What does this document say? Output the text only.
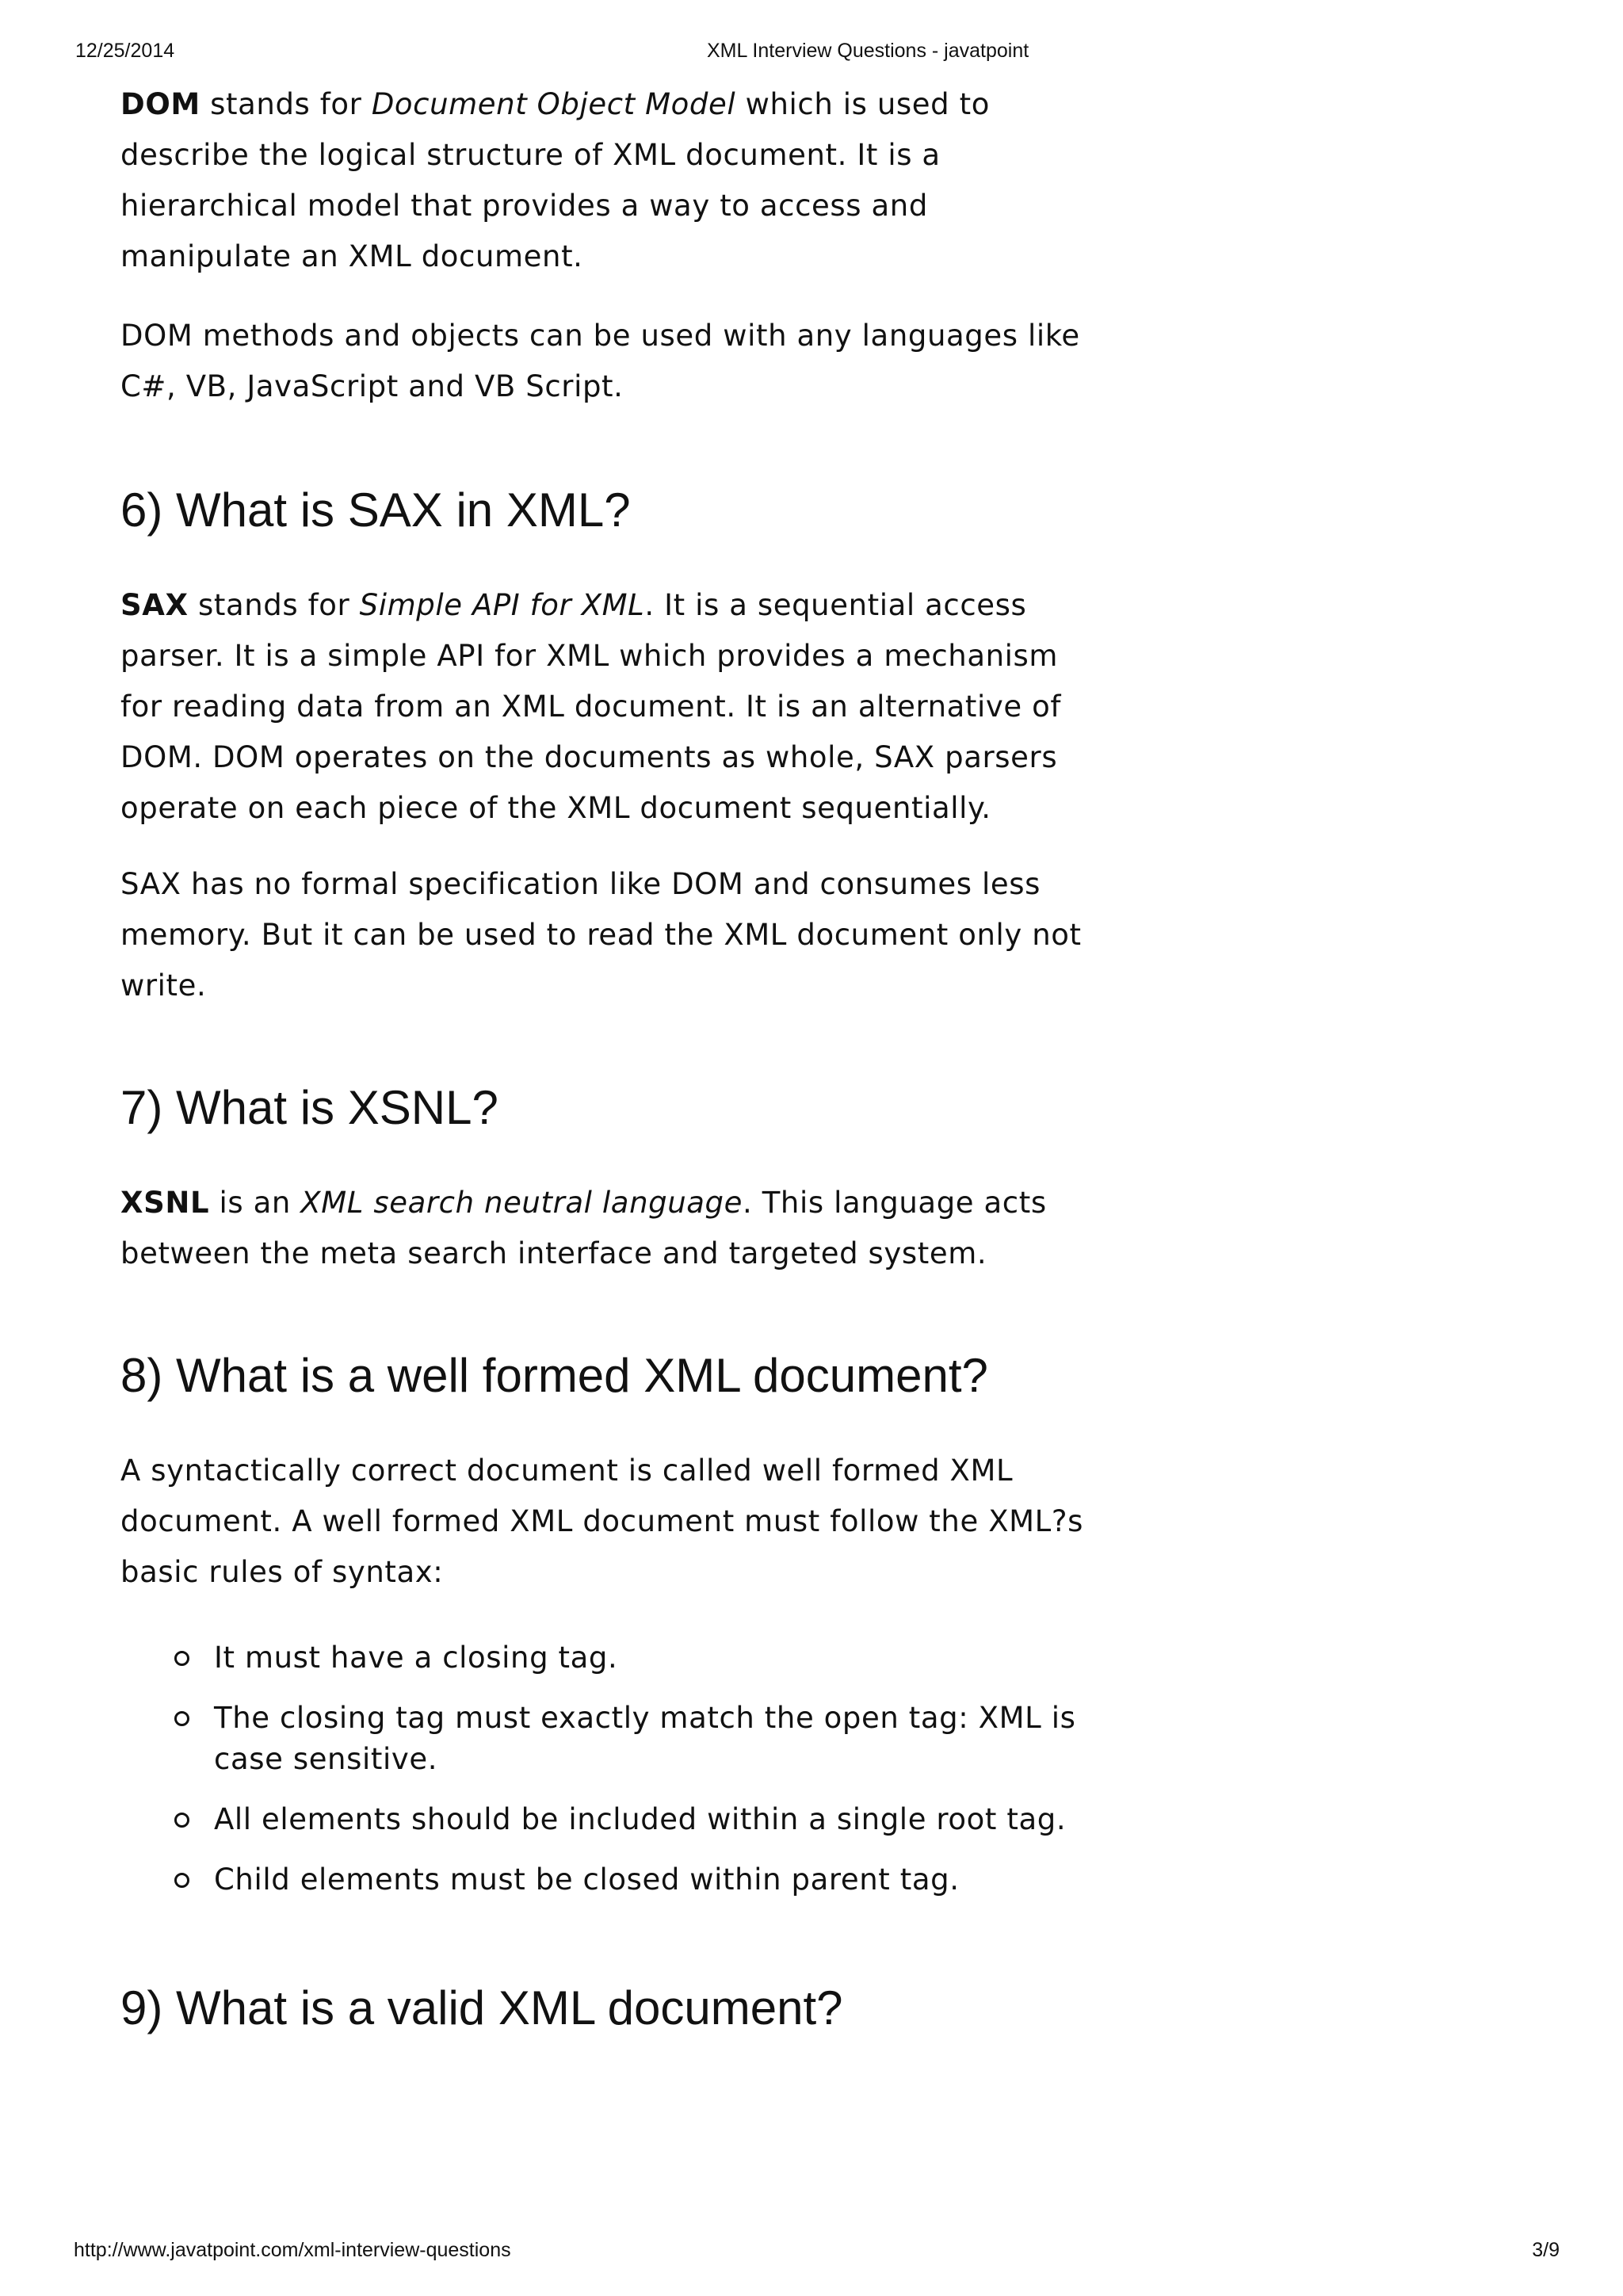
12/25/2014	XML Interview Questions - javatpoint

DOM stands for Document Object Model which is used to describe the logical structure of XML document. It is a hierarchical model that provides a way to access and manipulate an XML document.

DOM methods and objects can be used with any languages like C#, VB, JavaScript and VB Script.

6) What is SAX in XML?

SAX stands for Simple API for XML. It is a sequential access parser. It is a simple API for XML which provides a mechanism for reading data from an XML document. It is an alternative of DOM. DOM operates on the documents as whole, SAX parsers operate on each piece of the XML document sequentially.

SAX has no formal specification like DOM and consumes less memory. But it can be used to read the XML document only not write.

7) What is XSNL?

XSNL is an XML search neutral language. This language acts between the meta search interface and targeted system.

8) What is a well formed XML document?

A syntactically correct document is called well formed XML document. A well formed XML document must follow the XML?s basic rules of syntax:

It must have a closing tag.
The closing tag must exactly match the open tag: XML is case sensitive.
All elements should be included within a single root tag.
Child elements must be closed within parent tag.
9) What is a valid XML document?
http://www.javatpoint.com/xml-interview-questions	3/9
